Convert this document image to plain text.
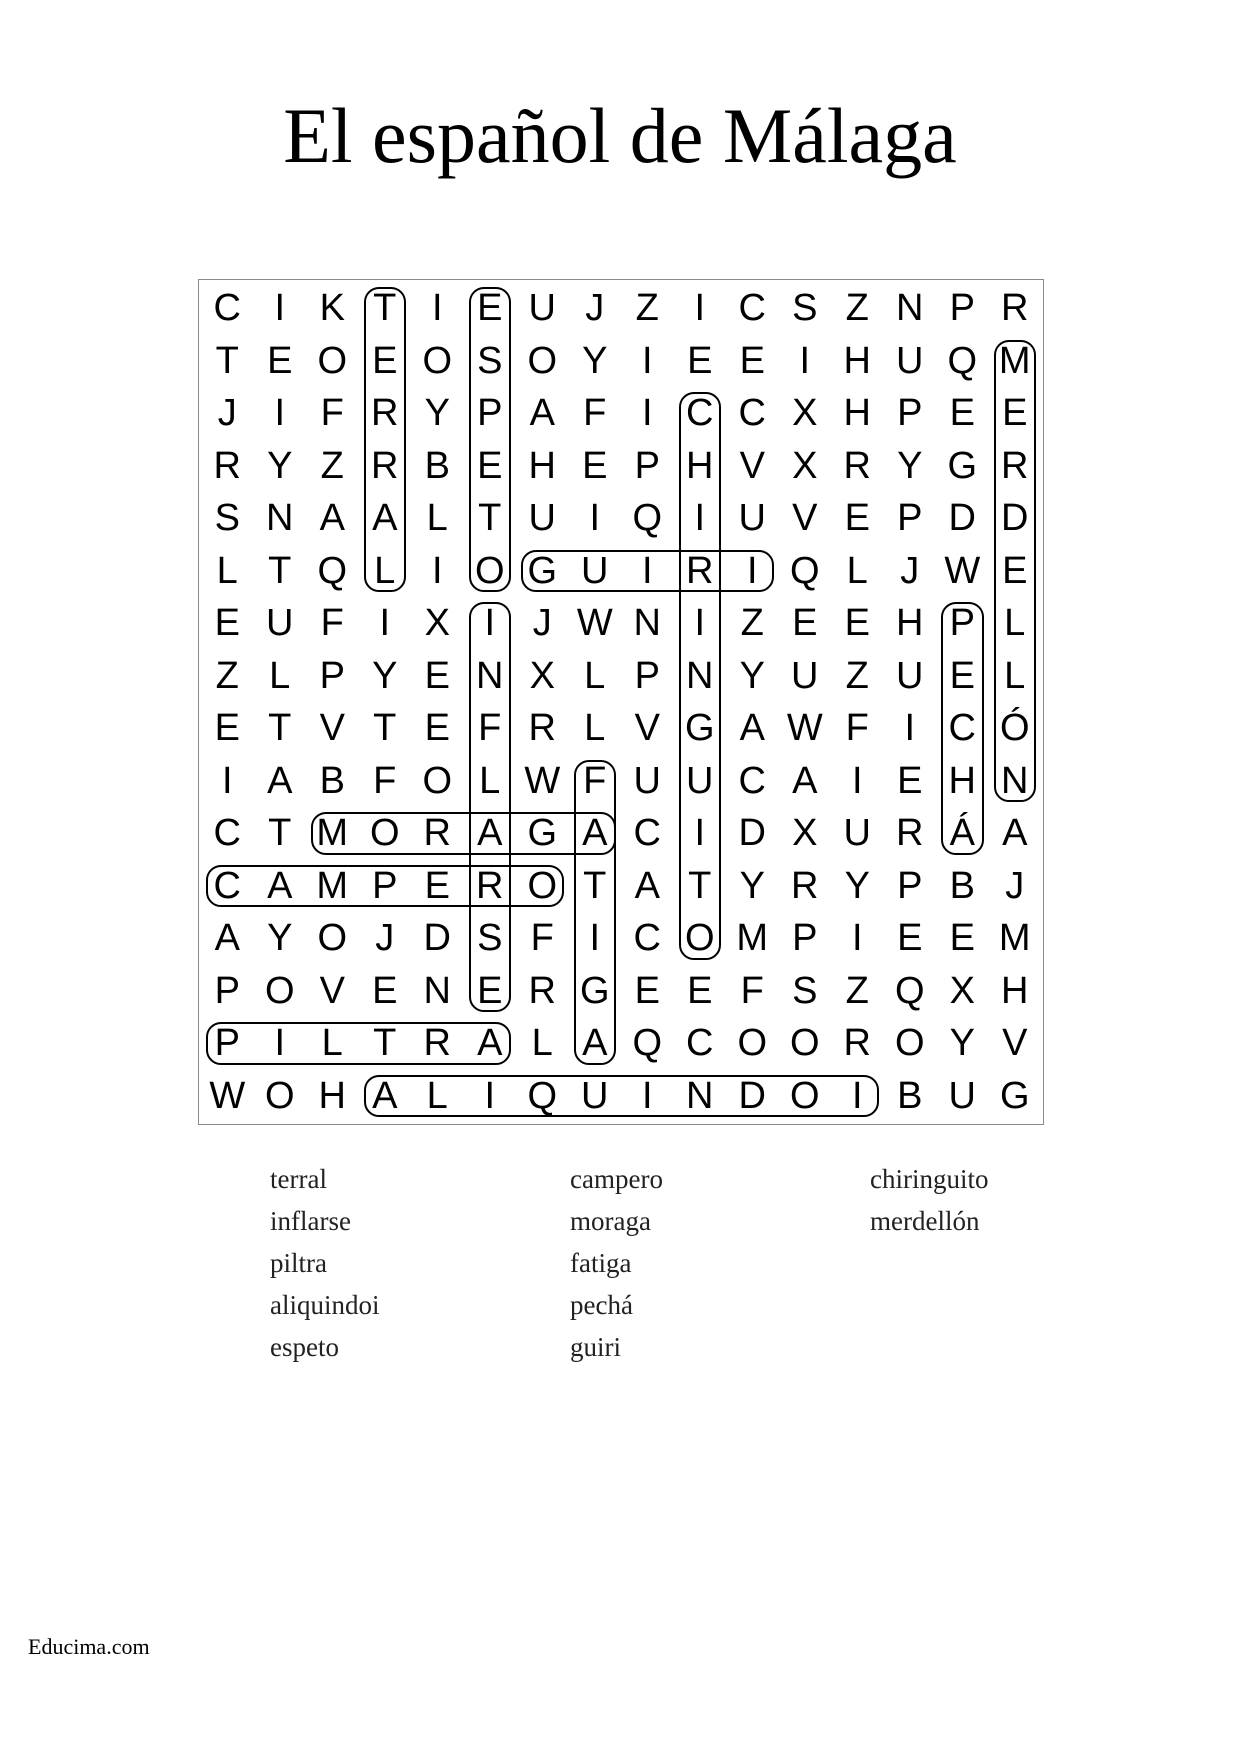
El español de Málaga
C I K T I E U J Z I C S Z N P R
T E O E O S O Y I E E I H U Q M
J I F R Y P A F I C C X H P E E
R Y Z R B E H E P H V X R Y G R
S N A A L T U I Q I U V E P D D
L T Q L I O G U I R I Q L J W E
E U F I X I J W N I Z E E H P L
Z L P Y E N X L P N Y U Z U E L
E T V T E F R L V G A W F I C Ó
I A B F O L W F U U C A I E H N
C T M O R A G A C I D X U R Á A
C A M P E R O T A T Y R Y P B J
A Y O J D S F I C O M P I E E M
P O V E N E R G E E F S Z Q X H
P I L T R A L A Q C O O R O Y V
W O H A L I Q U I N D O I B U G
terral
inflarse
piltra
aliquindoi
espeto
campero
moraga
fatiga
pechá
guiri
chiringuito
merdellón
Educima.com
